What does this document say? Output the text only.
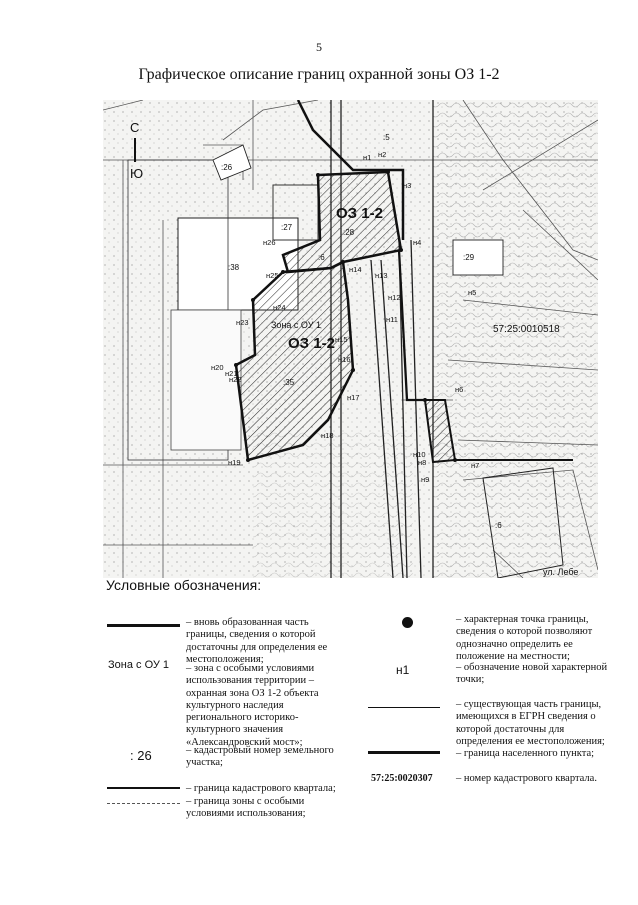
5
Графическое описание границ охранной зоны ОЗ 1-2
С
Ю
ОЗ 1-2
ОЗ 1-2
Зона с ОУ 1	57:25:0010518
ул. Лебе
:26
:27
:28
:29
:38
:35
:6
:5
:6
н1 н2
н3
н4
н5
н6
н7
н8
н9
н10
н11
н12
н13
н14
н15
н16
н17
н18
н19
н20
н21
н22
н23
н24
н25
н26
Условные обозначения:
Зона с ОУ 1
: 26
– вновь образованная часть границы, сведения о которой достаточны для определения ее местоположения;
– зона с особыми условиями использования территории – охранная зона ОЗ 1-2 объекта культурного наследия регионального историко-культурного значения «Александровский мост»;
– кадастровый номер земельного участка;
– граница кадастрового квартала;
– граница зоны с особыми условиями использования;
н1
57:25:0020307
– характерная точка границы, сведения о которой позволяют однозначно определить ее положение на местности;
– обозначение новой характерной точки;
– существующая часть границы, имеющихся в ЕГРН сведения о которой достаточны для определения ее местоположения;
– граница населенного пункта;
– номер кадастрового квартала.
